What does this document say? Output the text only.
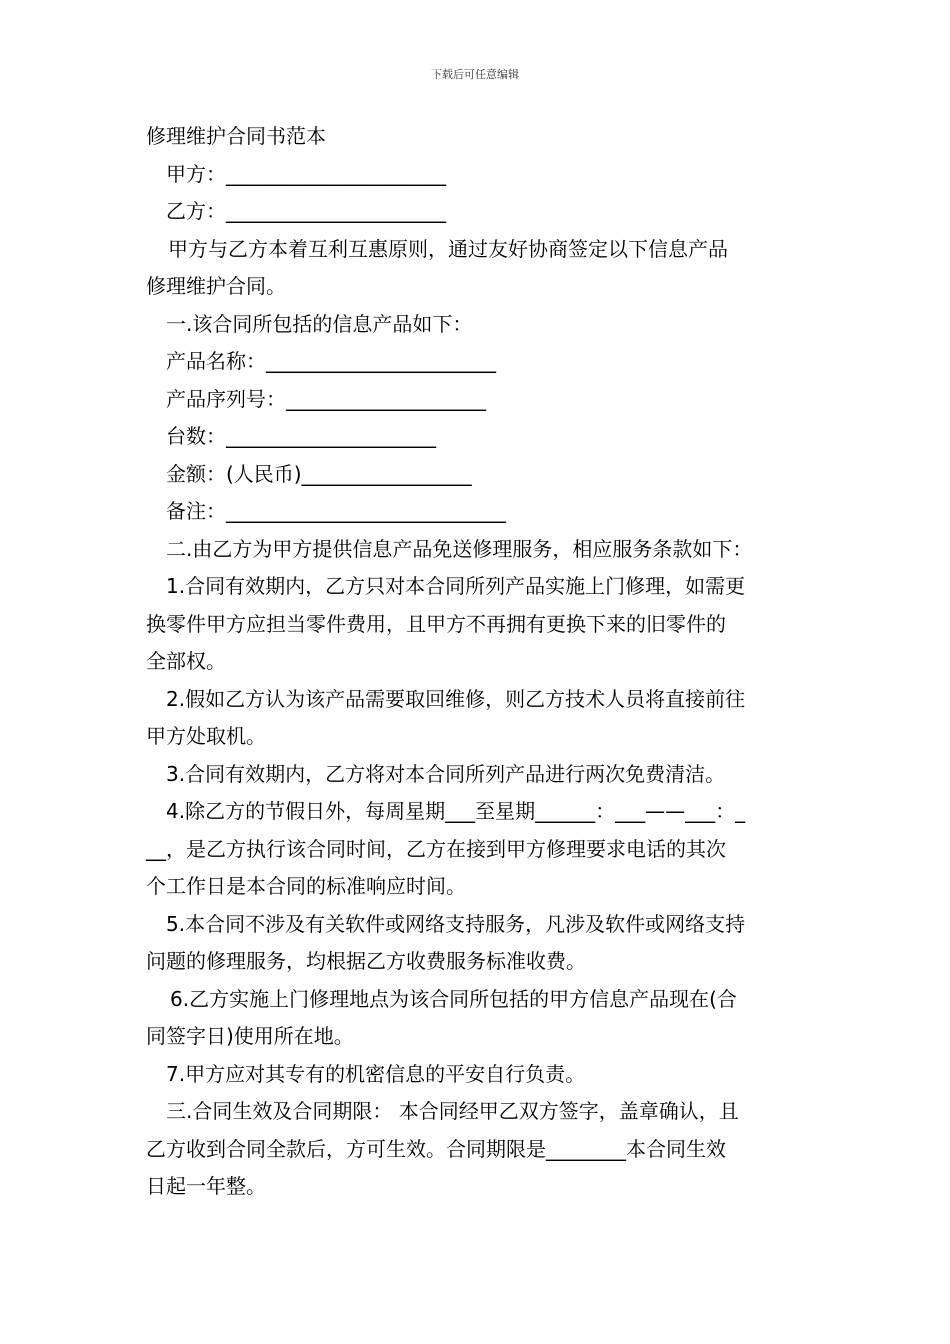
下载后可任意编辑
修理维护合同书范本
甲方：______________________
乙方：______________________
甲方与乙方本着互利互惠原则，通过友好协商签定以下信息产品
修理维护合同。
一.该合同所包括的信息产品如下：
产品名称：_______________________
产品序列号：____________________
台数：_____________________
金额：(人民币)_________________
备注：____________________________
二.由乙方为甲方提供信息产品免送修理服务，相应服务条款如下：
1.合同有效期内，乙方只对本合同所列产品实施上门修理，如需更
换零件甲方应担当零件费用，且甲方不再拥有更换下来的旧零件的
全部权。
2.假如乙方认为该产品需要取回维修，则乙方技术人员将直接前往
甲方处取机。
3.合同有效期内，乙方将对本合同所列产品进行两次免费清洁。
4.除乙方的节假日外，每周星期___至星期______：___——___：_
__，是乙方执行该合同时间，乙方在接到甲方修理要求电话的其次
个工作日是本合同的标准响应时间。
5.本合同不涉及有关软件或网络支持服务，凡涉及软件或网络支持
问题的修理服务，均根据乙方收费服务标准收费。
6.乙方实施上门修理地点为该合同所包括的甲方信息产品现在(合
同签字日)使用所在地。
7.甲方应对其专有的机密信息的平安自行负责。
三.合同生效及合同期限： 本合同经甲乙双方签字，盖章确认，且
乙方收到合同全款后，方可生效。合同期限是________本合同生效
日起一年整。
